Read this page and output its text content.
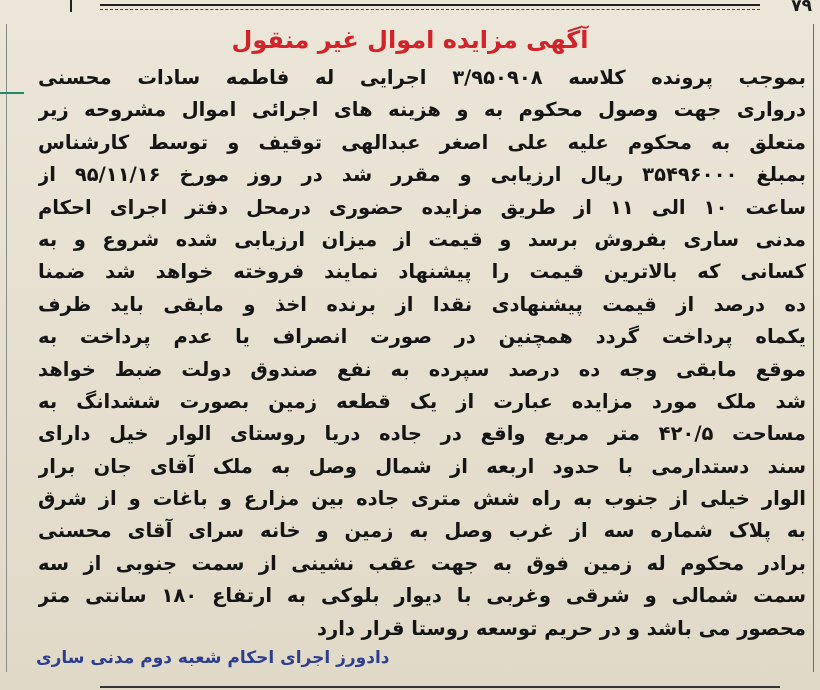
۷۹
آگهی مزایده اموال غیر منقول
بموجب پرونده کلاسه ۳/۹۵۰۹۰۸ اجرایی له فاطمه سادات محسنی
درواری جهت وصول محکوم به و هزینه های اجرائی اموال مشروحه زیر
متعلق به محکوم علیه علی اصغر عبدالهی توقیف و توسط کارشناس
بمبلغ ۳۵۴۹۶۰۰۰ ریال ارزیابی و مقرر شد در روز مورخ ۹۵/۱۱/۱۶ از
ساعت ۱۰ الی ۱۱ از طریق مزایده حضوری درمحل دفتر اجرای احکام
مدنی ساری بفروش برسد و قیمت از میزان ارزیابی شده شروع و به
کسانی که بالاترین قیمت را پیشنهاد نمایند فروخته خواهد شد ضمنا
ده درصد از قیمت پیشنهادی نقدا از برنده اخذ و مابقی باید ظرف
یکماه پرداخت گردد همچنین در صورت انصراف یا عدم پرداخت به
موقع مابقی وجه ده درصد سپرده به نفع صندوق دولت ضبط خواهد
شد ملک مورد مزایده عبارت از یک قطعه زمین بصورت ششدانگ به
مساحت ۴۲۰/۵ متر مربع واقع در جاده دریا روستای الوار خیل دارای
سند دستدارمی با حدود اربعه از شمال وصل به ملک آقای جان برار
الوار خیلی از جنوب به راه شش متری جاده بین مزارع و باغات و از شرق
به پلاک شماره سه از غرب وصل به زمین و خانه سرای آقای محسنی
برادر محکوم له زمین فوق به جهت عقب نشینی از سمت جنوبی از سه
سمت شمالی و شرقی وغربی با دیوار بلوکی به ارتفاع ۱۸۰ سانتی متر
محصور می باشد و در حریم توسعه روستا قرار دارد
دادورز اجرای احکام شعبه دوم مدنی ساری
